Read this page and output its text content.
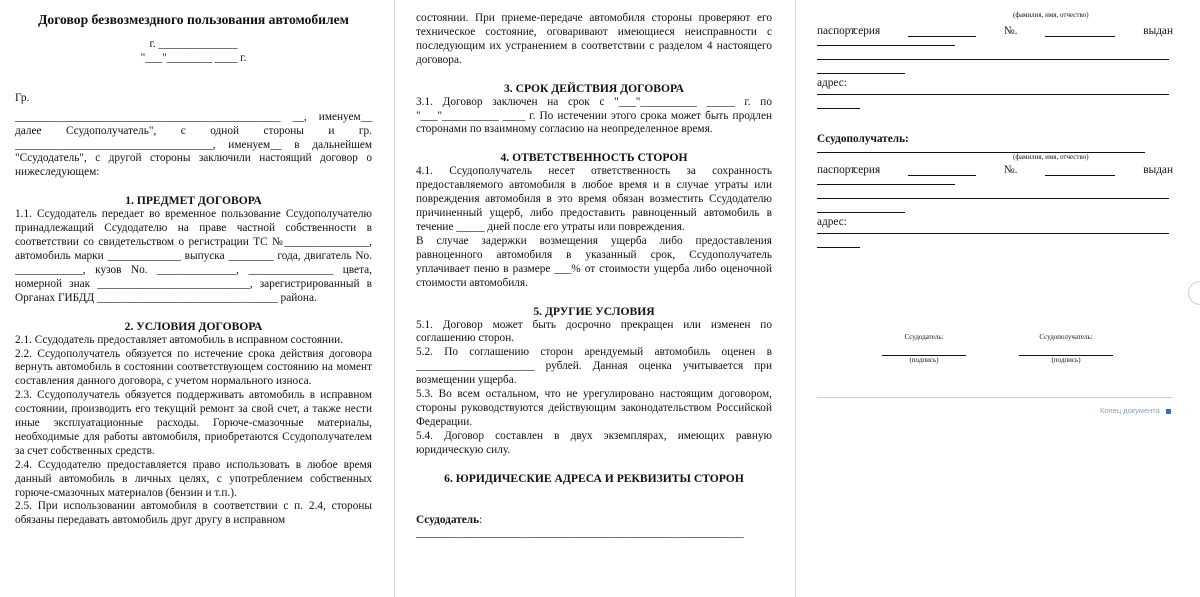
Договор безвозмездного пользования автомобилем
г. ______________
"___"________ ____ г.

Гр.

_______________________________________________ __, именуем__ далее Ссудополучатель", с одной стороны и гр. ___________________________________, именуем__ в дальнейшем "Ссудодатель", с другой стороны заключили настоящий договор о нижеследующем:

1. ПРЕДМЕТ ДОГОВОРА

1.1. Ссудодатель передает во временное пользование Ссудополучателю принадлежащий Ссудодателю на праве частной собственности в соответствии со свидетельством о регистрации ТС №_______________, автомобиль марки _____________ выпуска ________ года, двигатель No. ____________, кузов No. ______________, _______________ цвета, номерной знак ___________________________, зарегистрированный в Органах ГИБДД ________________________________ района.

2. УСЛОВИЯ ДОГОВОРА

2.1. Ссудодатель предоставляет автомобиль в исправном состоянии.

2.2. Ссудополучатель обязуется по истечение срока действия договора вернуть автомобиль в состоянии соответствующем состоянию на момент составления данного договора, с учетом нормального износа.

2.3. Ссудополучатель обязуется поддерживать автомобиль в исправном состоянии, производить его текущий ремонт за свой счет, а также нести иные эксплуатационные расходы. Горюче-смазочные материалы, необходимые для работы автомобиля, приобретаются Ссудополучателем за счет собственных средств.

2.4. Ссудодателю предоставляется право использовать в любое время данный автомобиль в личных целях, с употреблением собственных горюче-смазочных материалов (бензин и т.п.).

2.5. При использовании автомобиля в соответствии с п. 2.4, стороны обязаны передавать автомобиль друг другу в исправном

состоянии. При приеме-передаче автомобиля стороны проверяют его техническое состояние, оговаривают имеющиеся неисправности с последующим их устранением в соответствии с разделом 4 настоящего договора.

3. СРОК ДЕЙСТВИЯ ДОГОВОРА

3.1. Договор заключен на срок с "___"__________ _____ г. по "___"__________ ____ г. По истечении этого срока может быть продлен сторонами по взаимному согласию на неопределенное время.

4. ОТВЕТСТВЕННОСТЬ СТОРОН

4.1. Ссудополучатель несет ответственность за сохранность предоставляемого автомобиля в любое время и в случае утраты или повреждения автомобиля в это время обязан возместить Ссудодателю причиненный ущерб, либо предоставить равноценный автомобиль в течение _____ дней после его утраты или повреждения.

В случае задержки возмещения ущерба либо предоставления равноценного автомобиля в указанный срок, Ссудополучатель уплачивает пеню в размере ___% от стоимости ущерба либо оценочной стоимости автомобиля.

5. ДРУГИЕ УСЛОВИЯ

5.1. Договор может быть досрочно прекращен или изменен по соглашению сторон.

5.2. По соглашению сторон арендуемый автомобиль оценен в _____________________ рублей. Данная оценка учитывается при возмещении ущерба.

5.3. Во всем остальном, что не урегулировано настоящим договором, стороны руководствуются действующим законодательством Российской Федерации.

5.4. Договор составлен в двух экземплярах, имеющих равную юридическую силу.

6. ЮРИДИЧЕСКИЕ АДРЕСА И РЕКВИЗИТЫ СТОРОН

Ссудодатель:

__________________________________________________________

(фамилия, имя, отчество)
паспорт
серия	№.	выдан
адрес:
Ссудополучатель:
(фамилия, имя, отчество)
паспорт
серия	№.	выдан
адрес:
Ссудодатель:
(подпись)
Ссудополучатель:
(подпись)
Конец документа
